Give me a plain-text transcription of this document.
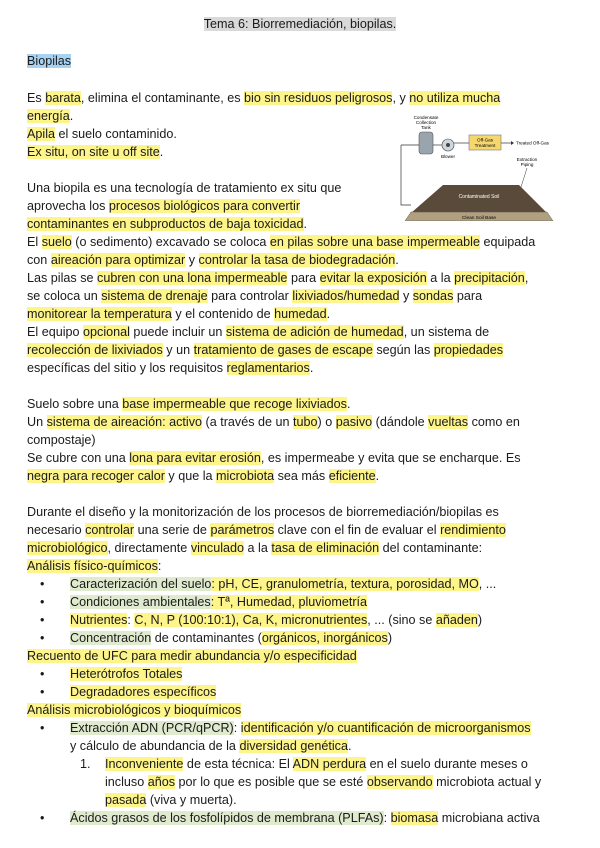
Tema 6: Biorremediación, biopilas.
Biopilas
Es barata, elimina el contaminante, es bio sin residuos peligrosos, y no utiliza mucha
energía.
Apila el suelo contaminido.
Ex situ, on site u off site.
Una biopila es una tecnología de tratamiento ex situ que
aprovecha los procesos biológicos para convertir
contaminantes en subproductos de baja toxicidad.
El suelo (o sedimento) excavado se coloca en pilas sobre una base impermeable equipada
con aireación para optimizar y controlar la tasa de biodegradación.
Las pilas se cubren con una lona impermeable para evitar la exposición a la precipitación,
se coloca un sistema de drenaje para controlar lixiviados/humedad y sondas para
monitorear la temperatura y el contenido de humedad.
El equipo opcional puede incluir un sistema de adición de humedad, un sistema de
recolección de lixiviados y un tratamiento de gases de escape según las propiedades
específicas del sitio y los requisitos reglamentarios.
Suelo sobre una base impermeable que recoge lixiviados.
Un sistema de aireación: activo (a través de un tubo) o pasivo (dándole vueltas como en
compostaje)
Se cubre con una lona para evitar erosión, es impermeabe y evita que se encharque. Es
negra para recoger calor y que la microbiota sea más eficiente.
Durante el diseño y la monitorización de los procesos de biorremediación/biopilas es
necesario controlar una serie de parámetros clave con el fin de evaluar el rendimiento
microbiológico, directamente vinculado a la tasa de eliminación del contaminante:
Análisis físico-químicos:
Caracterización del suelo: pH, CE, granulometría, textura, porosidad, MO, ...
Condiciones ambientales: Tª, Humedad, pluviometría
Nutrientes: C, N, P (100:10:1), Ca, K, micronutrientes, ... (sino se añaden)
Concentración de contaminantes (orgánicos, inorgánicos)
Recuento de UFC para medir abundancia y/o especificidad
Heterótrofos Totales
Degradadores específicos
Análisis microbiológicos y bioquímicos
Extracción ADN (PCR/qPCR): identificación y/o cuantificación de microorganismos
y cálculo de abundancia de la diversidad genética.
Inconveniente de esta técnica: El ADN perdura en el suelo durante meses o
incluso años por lo que es posible que se esté observando microbiota actual y
pasada (viva y muerta).
Ácidos grasos de los fosfolípidos de membrana (PLFAs): biomasa microbiana activa
•
•
•
•
•
•
•
•
1.
Condensate
Collection
Tank
Blower
Off-Gas
Treatment	Treated Off-Gas
Extraction
Piping
Contaminated Soil
Clean Soil Base
